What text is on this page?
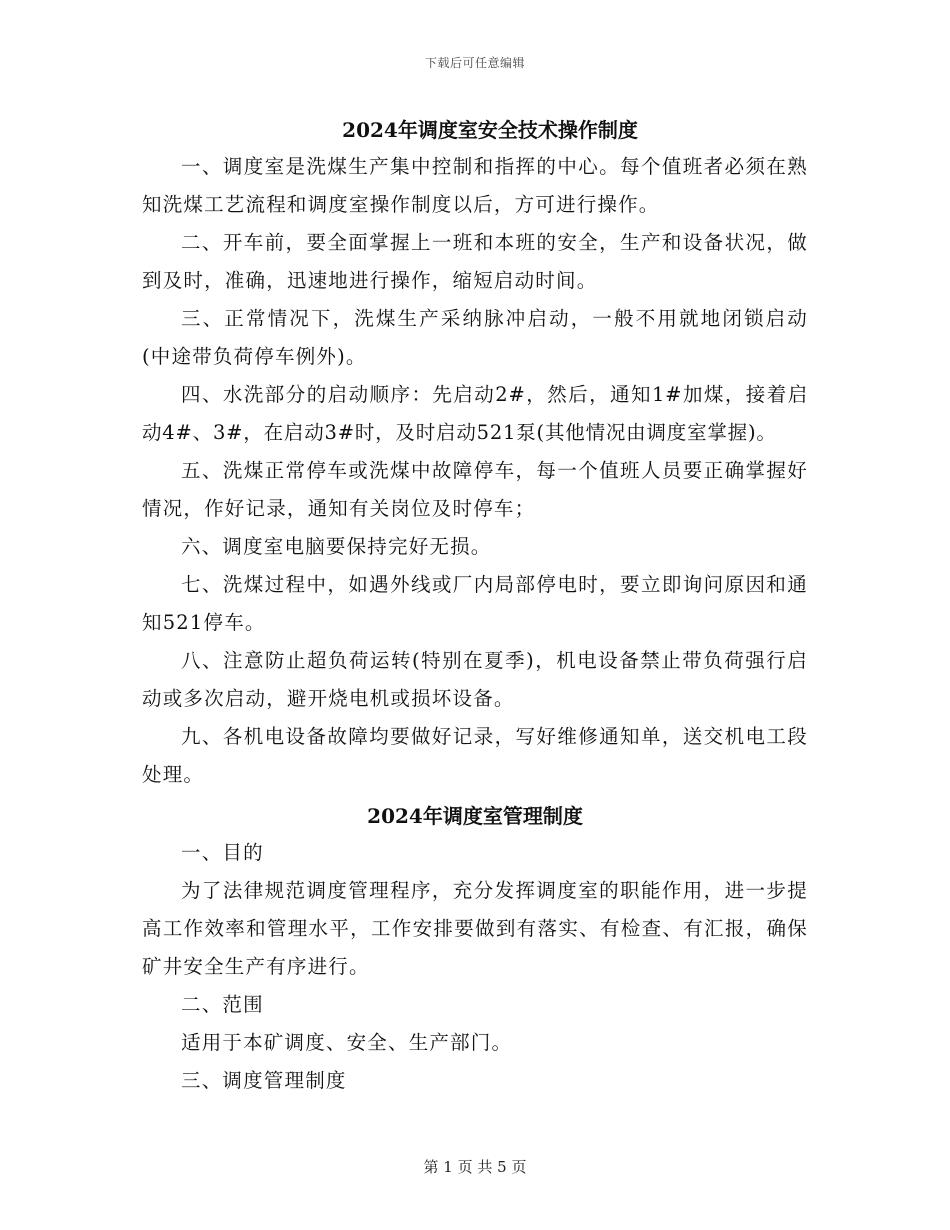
下载后可任意编辑
2024年调度室安全技术操作制度

一、调度室是洗煤生产集中控制和指挥的中心。每个值班者必须在熟知洗煤工艺流程和调度室操作制度以后，方可进行操作。

二、开车前，要全面掌握上一班和本班的安全，生产和设备状况，做到及时，准确，迅速地进行操作，缩短启动时间。

三、正常情况下，洗煤生产采纳脉冲启动，一般不用就地闭锁启动(中途带负荷停车例外)。

四、水洗部分的启动顺序：先启动2#，然后，通知1#加煤，接着启动4#、3#，在启动3#时，及时启动521泵(其他情况由调度室掌握)。

五、洗煤正常停车或洗煤中故障停车，每一个值班人员要正确掌握好情况，作好记录，通知有关岗位及时停车；

六、调度室电脑要保持完好无损。

七、洗煤过程中，如遇外线或厂内局部停电时，要立即询问原因和通知521停车。

八、注意防止超负荷运转(特别在夏季)，机电设备禁止带负荷强行启动或多次启动，避开烧电机或损坏设备。

九、各机电设备故障均要做好记录，写好维修通知单，送交机电工段处理。

2024年调度室管理制度

一、目的

为了法律规范调度管理程序，充分发挥调度室的职能作用，进一步提高工作效率和管理水平，工作安排要做到有落实、有检查、有汇报，确保矿井安全生产有序进行。

二、范围

适用于本矿调度、安全、生产部门。

三、调度管理制度

第 1 页 共 5 页
